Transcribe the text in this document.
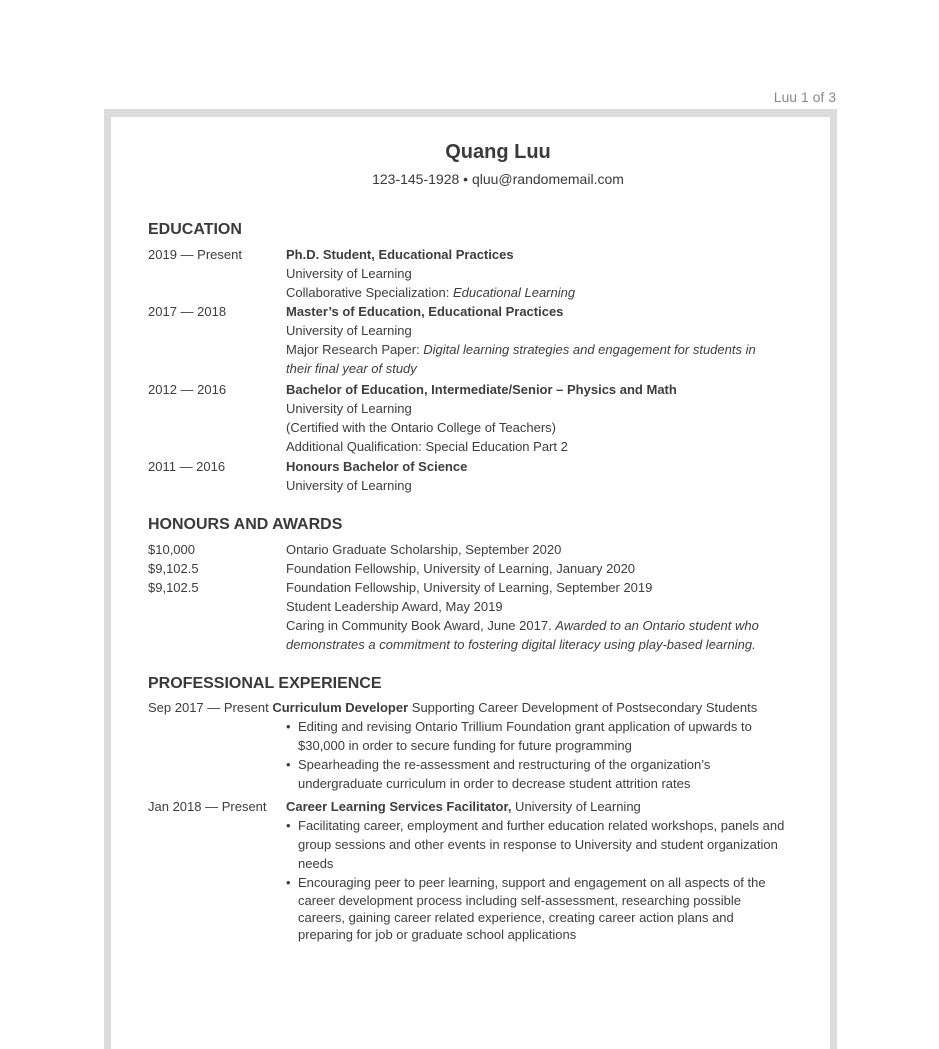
Luu 1 of 3
Quang Luu
123-145-1928 • qluu@randomemail.com
EDUCATION
2019 — Present	Ph.D. Student, Educational Practices
University of Learning
Collaborative Specialization: Educational Learning
2017 — 2018	Master’s of Education, Educational Practices
University of Learning
Major Research Paper: Digital learning strategies and engagement for students in
their final year of study
2012 — 2016	Bachelor of Education, Intermediate/Senior – Physics and Math
University of Learning
(Certified with the Ontario College of Teachers)
Additional Qualification: Special Education Part 2
2011 — 2016	Honours Bachelor of Science
University of Learning
HONOURS AND AWARDS
$10,000	Ontario Graduate Scholarship, September 2020
$9,102.5	Foundation Fellowship, University of Learning, January 2020
$9,102.5	Foundation Fellowship, University of Learning, September 2019
Student Leadership Award, May 2019
Caring in Community Book Award, June 2017. Awarded to an Ontario student who
demonstrates a commitment to fostering digital literacy using play-based learning.
PROFESSIONAL EXPERIENCE
Sep 2017 — Present Curriculum Developer Supporting Career Development of Postsecondary Students
• Editing and revising Ontario Trillium Foundation grant application of upwards to
$30,000 in order to secure funding for future programming
• Spearheading the re-assessment and restructuring of the organization’s
undergraduate curriculum in order to decrease student attrition rates
Jan 2018 — Present Career Learning Services Facilitator, University of Learning
• Facilitating career, employment and further education related workshops, panels and
group sessions and other events in response to University and student organization
needs
• Encouraging peer to peer learning, support and engagement on all aspects of the
career development process including self-assessment, researching possible
careers, gaining career related experience, creating career action plans and
preparing for job or graduate school applications
